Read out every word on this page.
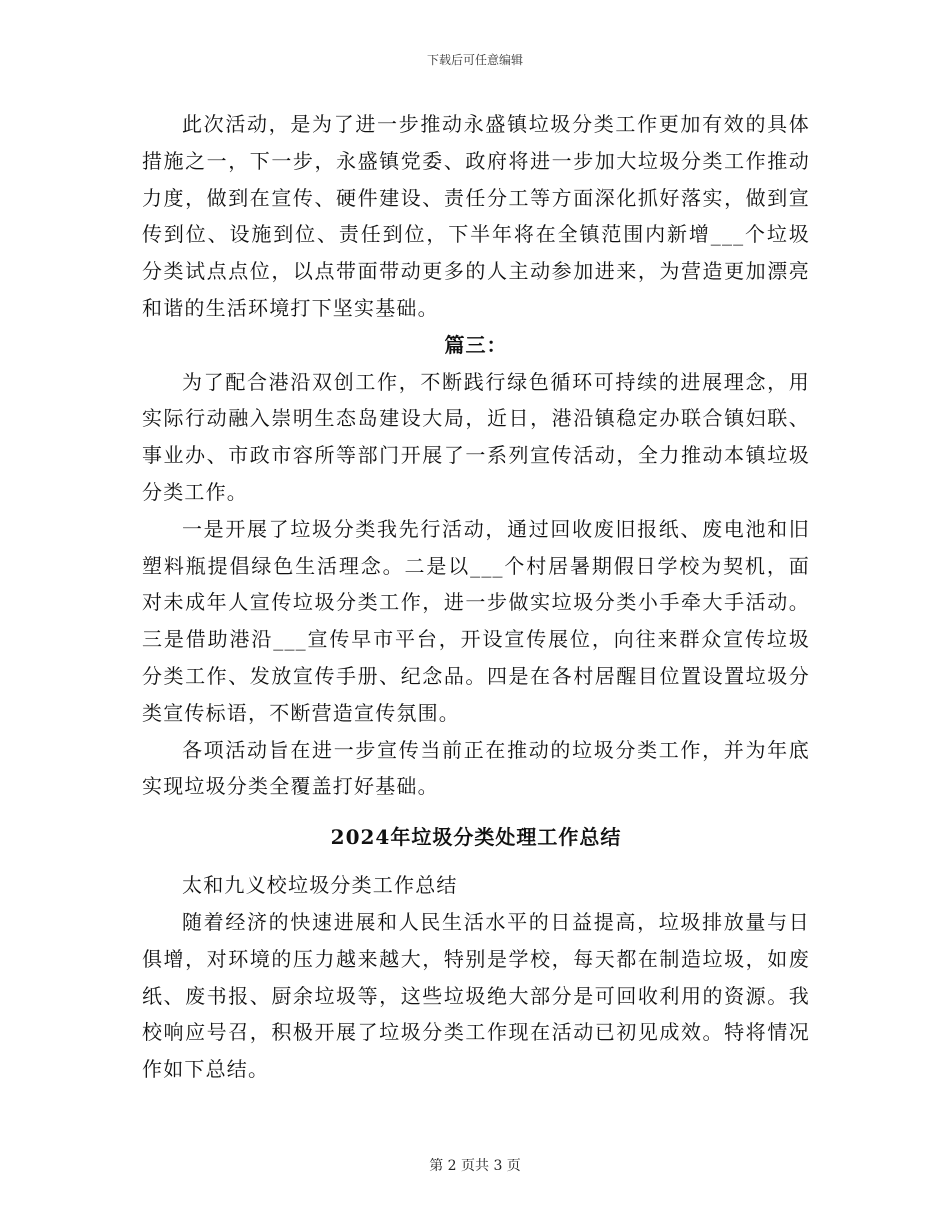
下载后可任意编辑

此次活动，是为了进一步推动永盛镇垃圾分类工作更加有效的具体措施之一，下一步，永盛镇党委、政府将进一步加大垃圾分类工作推动力度，做到在宣传、硬件建设、责任分工等方面深化抓好落实，做到宣传到位、设施到位、责任到位，下半年将在全镇范围内新增___个垃圾分类试点点位，以点带面带动更多的人主动参加进来，为营造更加漂亮和谐的生活环境打下坚实基础。

篇三：

为了配合港沿双创工作，不断践行绿色循环可持续的进展理念，用实际行动融入崇明生态岛建设大局，近日，港沿镇稳定办联合镇妇联、事业办、市政市容所等部门开展了一系列宣传活动，全力推动本镇垃圾分类工作。

一是开展了垃圾分类我先行活动，通过回收废旧报纸、废电池和旧塑料瓶提倡绿色生活理念。二是以___个村居暑期假日学校为契机，面对未成年人宣传垃圾分类工作，进一步做实垃圾分类小手牵大手活动。三是借助港沿___宣传早市平台，开设宣传展位，向往来群众宣传垃圾分类工作、发放宣传手册、纪念品。四是在各村居醒目位置设置垃圾分类宣传标语，不断营造宣传氛围。

各项活动旨在进一步宣传当前正在推动的垃圾分类工作，并为年底实现垃圾分类全覆盖打好基础。

2024年垃圾分类处理工作总结

太和九义校垃圾分类工作总结

随着经济的快速进展和人民生活水平的日益提高，垃圾排放量与日俱增，对环境的压力越来越大，特别是学校，每天都在制造垃圾，如废纸、废书报、厨余垃圾等，这些垃圾绝大部分是可回收利用的资源。我校响应号召，积极开展了垃圾分类工作现在活动已初见成效。特将情况作如下总结。

第 2 页共 3 页
